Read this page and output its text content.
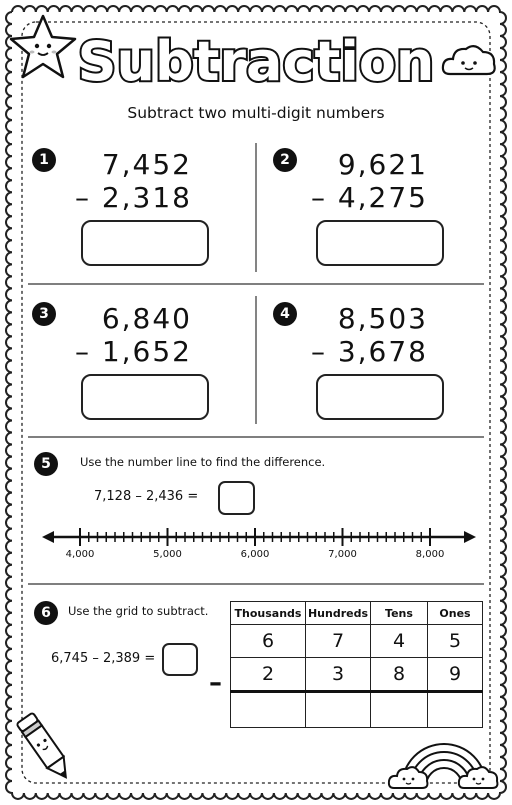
Subtraction
Subtract two multi-digit numbers
1	7,452
– 2,318
2	9,621
– 4,275
3	6,840
– 1,652
4	8,503
– 3,678
5	Use the number line to find the difference.
7,128 – 2,436 =
4,000	5,000	6,000	7,000	8,000
6	Use the grid to subtract.
6,745 – 2,389 =
–
Thousands	Hundreds	Tens	Ones
6	7	4	5
2	3	8	9
